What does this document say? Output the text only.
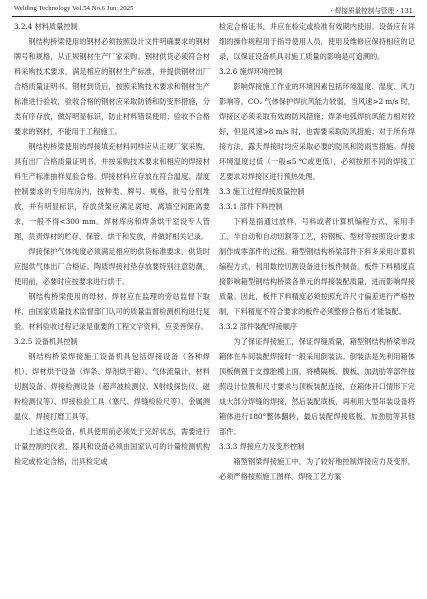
Welding Technology Vol.54 No.6 Jun. 2025	· 焊接质量控制与管理 · 131

3.2.4 材料质量控制

钢结构桥梁使用的钢材必须按照设计文件明确要求的钢材牌号和规格，从正规钢材生产厂家采购。钢材供货必须符合材料采购技术要求，满足相应的钢材生产标准，并提供钢材出厂合格质量证明书。钢材到货后，按照采购技术要求和钢材生产标准进行验收，验收合格的钢材应采取防锈和防变形措施，分类有序存放，做好明显标识，防止材料错误使用；验收不合格要求的钢材，不能用于工程施工。

钢结构桥梁使用的焊接填充材料同样应从正规厂家采购，具有出厂合格质量证明书，并按采购技术要求和相应的焊接材料生产标准抽样复验合格。焊接材料应存放在符合温度、湿度控制要求的专用库房内，按种类、牌号、规格、批号分别堆放，并有明显标识，存放货架应满足离地、离墙空间距离要求，一般不得<300 mm。焊材库房和焊条烘干室设专人管理，负责焊材的贮存、保管、烘干和发放，并做好相关记录。

焊接保护气体纯度必须满足相应的供货标准要求，供货时应提供气体出厂合格证。陶质焊接衬垫存放要特别注意防潮，使用前，必要时应按要求进行烘干。

钢结构桥梁使用的母材、焊材应在监理的旁站监督下取样，由国家质量技术监督部门认可的质量监督检测机构进行复验。材料验收过程记录是重要的工程文字资料，应妥善保存。

3.2.5 设备机具控制

钢结构桥梁焊接施工设备机具包括焊接设备（各种焊机）、焊材烘干设备（焊条、焊剂烘干箱）、气体流量计、材料切割设备、焊接检测设备（超声波检测仪、X射线探伤仪、磁粉检测仪等）、焊接检验工具（塞尺、焊缝检验尺等）、金属测温仪、焊接打磨工具等。

上述这些设备、机具使用前必须处于完好状态，需要进行计量控制的仪表、器具和设备必须由国家认可的计量检测机构检定或检定合格，出具检定或

检定合格证书，并应在检定或检准有效期内使用。设备应有详细的操作规程用于指导使用人员，使用及维修应保持相应的记录，以保证设备机具对施工质量的影响是可追溯的。

3.2.6 施焊环境控制

影响焊接施工作业的环境因素包括环境温度、湿度、风力影响等。CO₂ 气体保护焊抗风能力较弱，当风速>2 m/s 时，焊接区必须采取有效的防风措施；焊条电弧焊抗风能力相对较好，但是风速>8 m/s 时，也需要采取防风措施；对于所有焊接方法，露天焊接时均应采取必要的防风和防雨雪措施。焊接环境温度过低（一般≤5 ℃或更低），必须按照不同的焊接工艺要求对焊接区进行预热处理。

3.3 施工过程焊接质量控制

3.3.1 部件下料控制

下料是指通过放样、号料或者计算机编程方式，采用手工、半自动和自动切割等工艺，将钢板、型材等按照设计要求制作成零部件的过程。箱型钢结构桥梁部件下料多采用计算机编程方式，利用数控切割设备进行板件制备。板件下料精度直接影响箱型钢结构桥梁各单元的焊接装配质量，进而影响焊接质量。因此，板件下料精度必须按照允许尺寸偏差进行严格控制，下料精度不符合要求的板件必须整修合格后才能装配。

3.3.2 部件装配焊接顺序

为了保证焊接施工，保证焊缝质量，箱型钢结构桥梁单段箱体在车间装配焊接时一般采用倒装法。倒装法是先利用箱体顶板侧置于支撑胎模上面，将横隔板、腹板、加劲肋等部件按照设计位置和尺寸要求与顶板装配连接，在箱体开口情形下完成大部分焊缝的焊接，然后装配底板，再利用大型吊装设备将箱体进行180°整体翻转，最后装配焊接底板、加劲肋等其他部件。

3.3.3 焊接应力及变形控制

箱型钢梁焊接施工中，为了较好地控制焊接应力及变形，必须严格按照施工图样、焊接工艺方案
